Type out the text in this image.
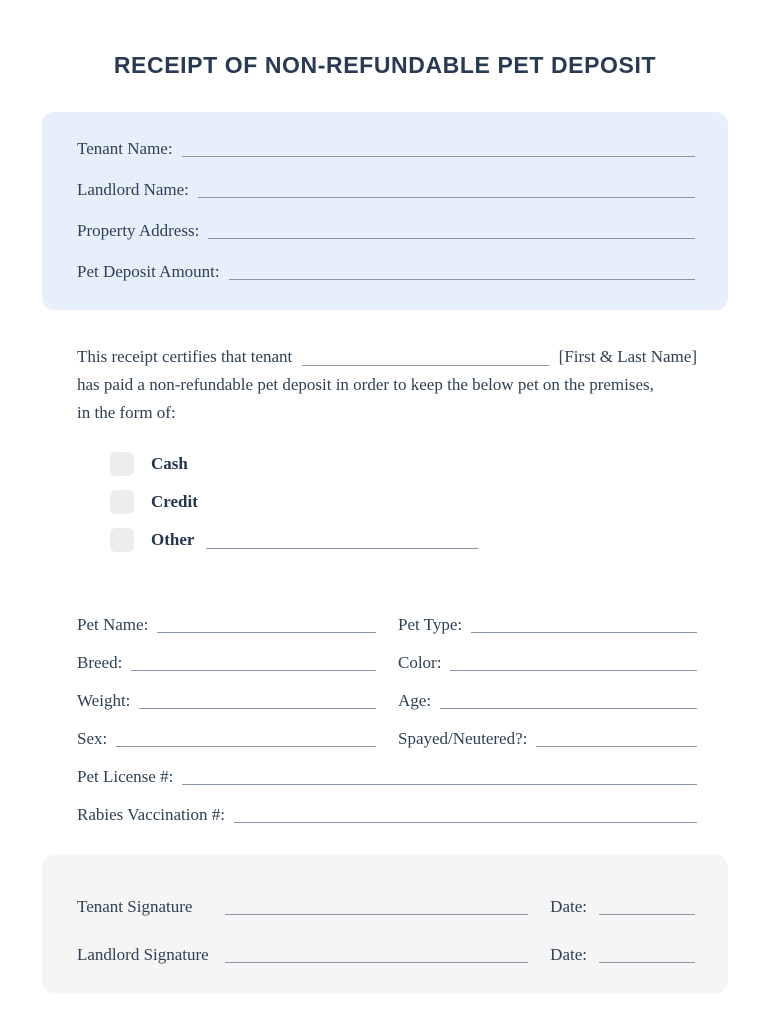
RECEIPT OF NON-REFUNDABLE PET DEPOSIT
Tenant Name:
Landlord Name:
Property Address:
Pet Deposit Amount:
This receipt certifies that tenant	[First & Last Name]
has paid a non-refundable pet deposit in order to keep the below pet on the premises,
in the form of:
Cash
Credit
Other
Pet Name:	Pet Type:
Breed:	Color:
Weight:	Age:
Sex:	Spayed/Neutered?:
Pet License #:
Rabies Vaccination #:
Tenant Signature	Date:
Landlord Signature	Date:
